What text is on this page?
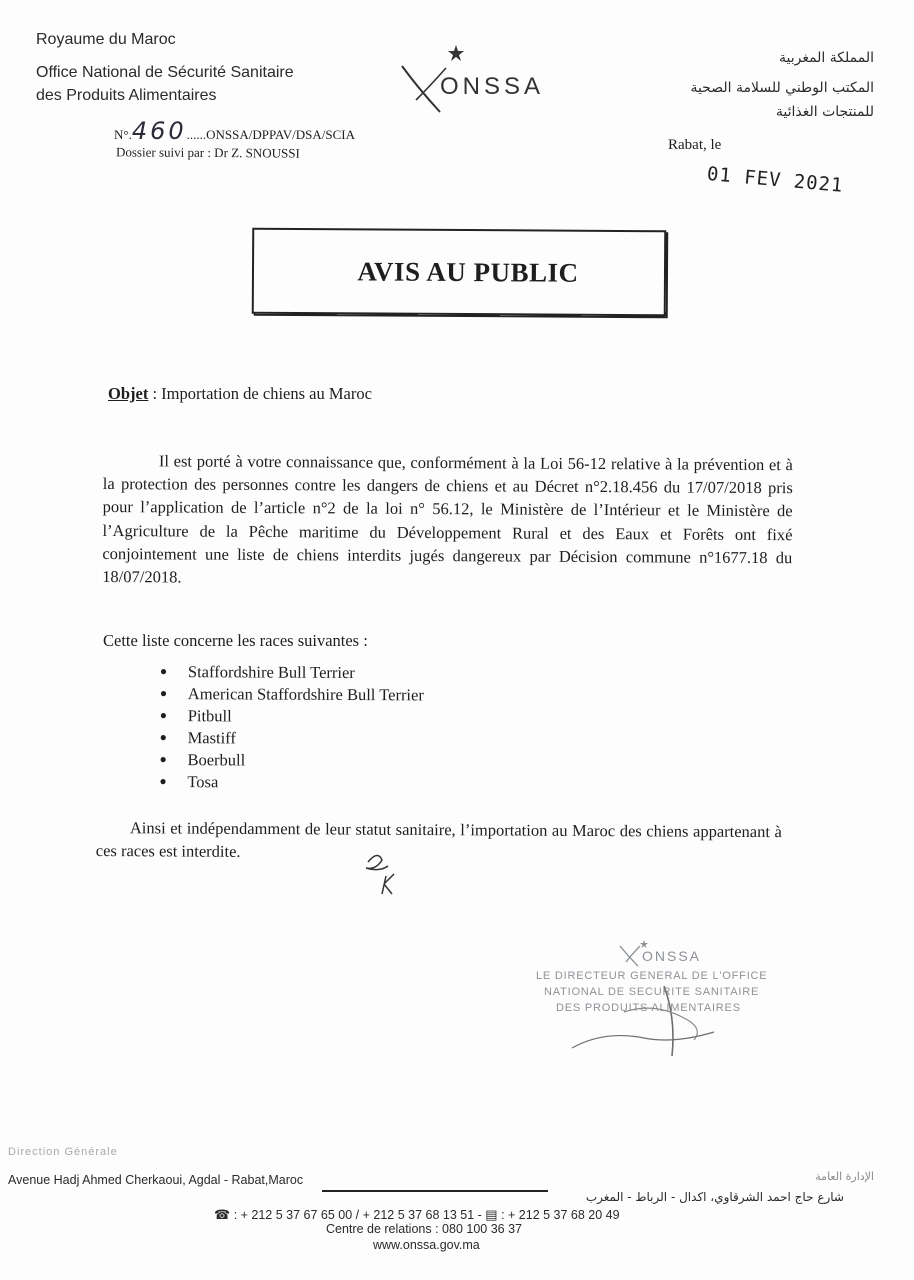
Royaume du Maroc
Office National de Sécurité Sanitaire
des Produits Alimentaires	ONSSA
المملكة المغربية
المكتب الوطني للسلامة الصحية
للمنتجات الغذائية
N°.460......ONSSA/DPPAV/DSA/SCIA
Dossier suivi par : Dr Z. SNOUSSI	Rabat, le
01 FEV 2021
AVIS AU PUBLIC
Objet : Importation de chiens au Maroc
Il est porté à votre connaissance que, conformément à la Loi 56-12 relative à la prévention et à la protection des personnes contre les dangers de chiens et au Décret n°2.18.456 du 17/07/2018 pris pour l’application de l’article n°2 de la loi n° 56.12, le Ministère de l’Intérieur et le Ministère de l’Agriculture de la Pêche maritime du Développement Rural et des Eaux et Forêts ont fixé conjointement une liste de chiens interdits jugés dangereux par Décision commune n°1677.18 du 18/07/2018.
Cette liste concerne les races suivantes :
● Staffordshire Bull Terrier
● American Staffordshire Bull Terrier
● Pitbull
● Mastiff
● Boerbull
● Tosa
Ainsi et indépendamment de leur statut sanitaire, l’importation au Maroc des chiens appartenant à ces races est interdite.
ONSSA
LE DIRECTEUR GENERAL DE L'OFFICE
NATIONAL DE SECURITE SANITAIRE
DES PRODUITS ALIMENTAIRES
Direction Générale
الإدارة العامة
Avenue Hadj Ahmed Cherkaoui, Agdal - Rabat,Maroc
شارع حاج احمد الشرقاوي، اكدال - الرباط - المغرب
☎ : + 212 5 37 67 65 00 / + 212 5 37 68 13 51 - ▤ : + 212 5 37 68 20 49
Centre de relations : 080 100 36 37
www.onssa.gov.ma
